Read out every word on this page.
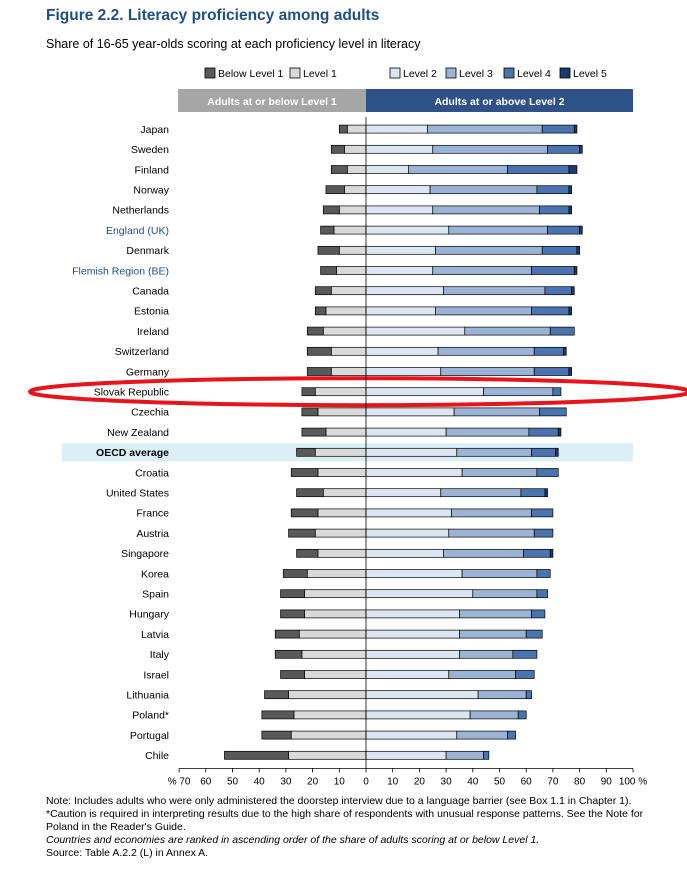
Figure 2.2. Literacy proficiency among adults
Share of 16-65 year-olds scoring at each proficiency level in literacy
Below Level 1 Level 1	Level 2 Level 3 Level 4 Level 5
Adults at or below Level 1	Adults at or above Level 2
Japan
Sweden
Finland
Norway
Netherlands
England (UK)
Denmark
Flemish Region (BE)
Canada
Estonia
Ireland
Switzerland
Germany
Slovak Republic
Czechia
New Zealand
OECD average
Croatia
United States
France
Austria
Singapore
Korea
Spain
Hungary
Latvia
Italy
Israel
Lithuania
Poland*
Portugal
Chile
% 70 60 50 40 30 20 10 0 10 20 30 40 50 60 70 80 90 100 %
Note: Includes adults who were only administered the doorstep interview due to a language barrier (see Box 1.1 in Chapter 1). *Caution is required in interpreting results due to the high share of respondents with unusual response patterns. See the Note for Poland in the Reader's Guide.
Countries and economies are ranked in ascending order of the share of adults scoring at or below Level 1.
Source: Table A.2.2 (L) in Annex A.
